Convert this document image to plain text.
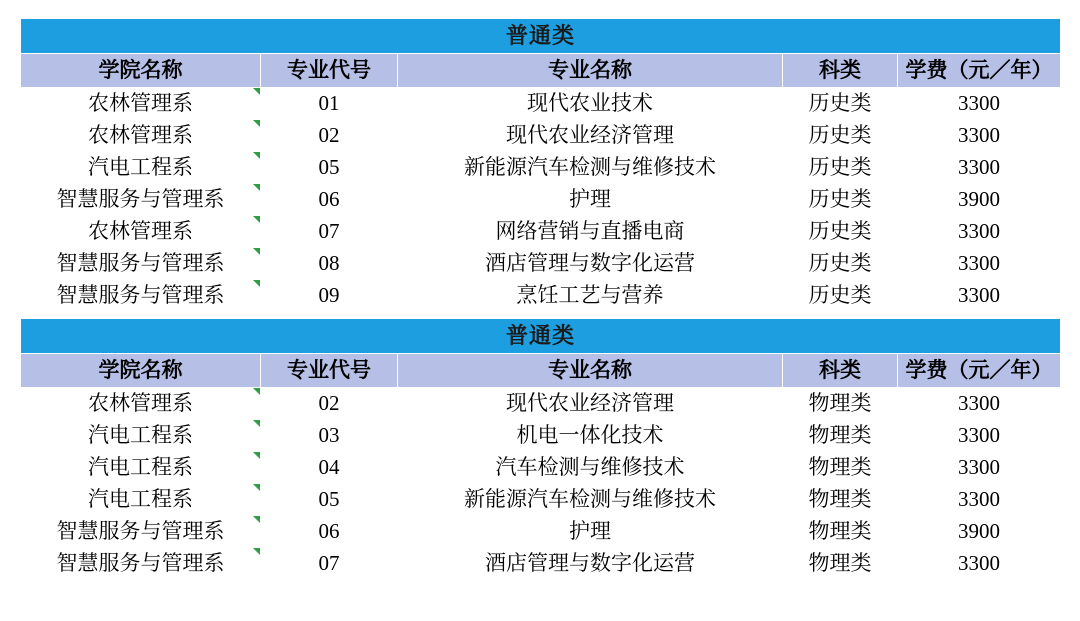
普通类				
学院名称	专业代号	专业名称	科类	学费（元／年）
农林管理系	01	现代农业技术	历史类	3300
农林管理系	02	现代农业经济管理	历史类	3300
汽电工程系	05	新能源汽车检测与维修技术	历史类	3300
智慧服务与管理系	06	护理	历史类	3900
农林管理系	07	网络营销与直播电商	历史类	3300
智慧服务与管理系	08	酒店管理与数字化运营	历史类	3300
智慧服务与管理系	09	烹饪工艺与营养	历史类	3300
普通类				
学院名称	专业代号	专业名称	科类	学费（元／年）
农林管理系	02	现代农业经济管理	物理类	3300
汽电工程系	03	机电一体化技术	物理类	3300
汽电工程系	04	汽车检测与维修技术	物理类	3300
汽电工程系	05	新能源汽车检测与维修技术	物理类	3300
智慧服务与管理系	06	护理	物理类	3900
智慧服务与管理系	07	酒店管理与数字化运营	物理类	3300
